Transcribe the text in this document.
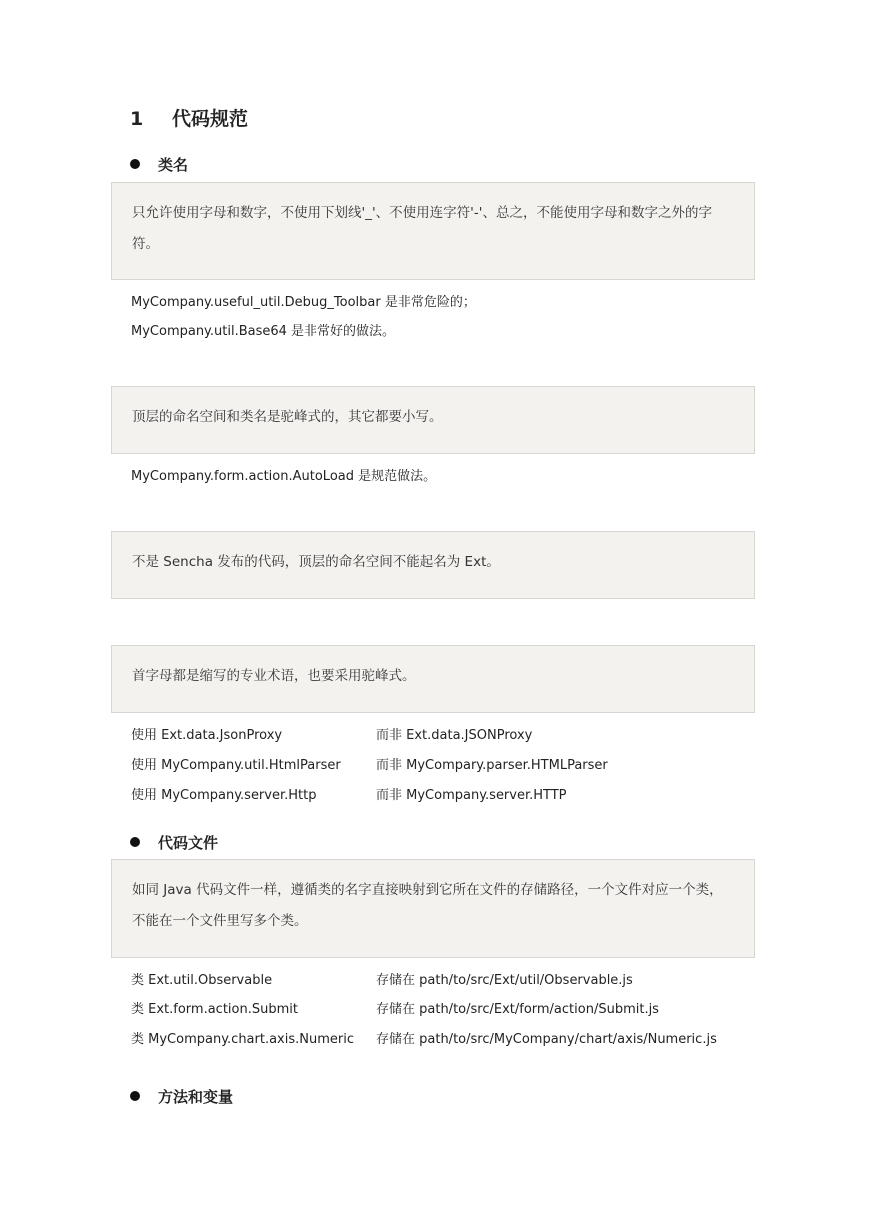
1 代码规范
类名
只允许使用字母和数字，不使用下划线'_'、不使用连字符'-'、总之，不能使用字母和数字之外的字符。
MyCompany.useful_util.Debug_Toolbar 是非常危险的；
MyCompany.util.Base64 是非常好的做法。
顶层的命名空间和类名是驼峰式的，其它都要小写。
MyCompany.form.action.AutoLoad 是规范做法。
不是 Sencha 发布的代码，顶层的命名空间不能起名为 Ext。
首字母都是缩写的专业术语，也要采用驼峰式。
使用 Ext.data.JsonProxy	而非 Ext.data.JSONProxy
使用 MyCompany.util.HtmlParser	而非 MyCompary.parser.HTMLParser
使用 MyCompany.server.Http	而非 MyCompany.server.HTTP
代码文件
如同 Java 代码文件一样，遵循类的名字直接映射到它所在文件的存储路径，一个文件对应一个类，不能在一个文件里写多个类。
类 Ext.util.Observable	存储在 path/to/src/Ext/util/Observable.js
类 Ext.form.action.Submit	存储在 path/to/src/Ext/form/action/Submit.js
类 MyCompany.chart.axis.Numeric 存储在 path/to/src/MyCompany/chart/axis/Numeric.js
方法和变量
